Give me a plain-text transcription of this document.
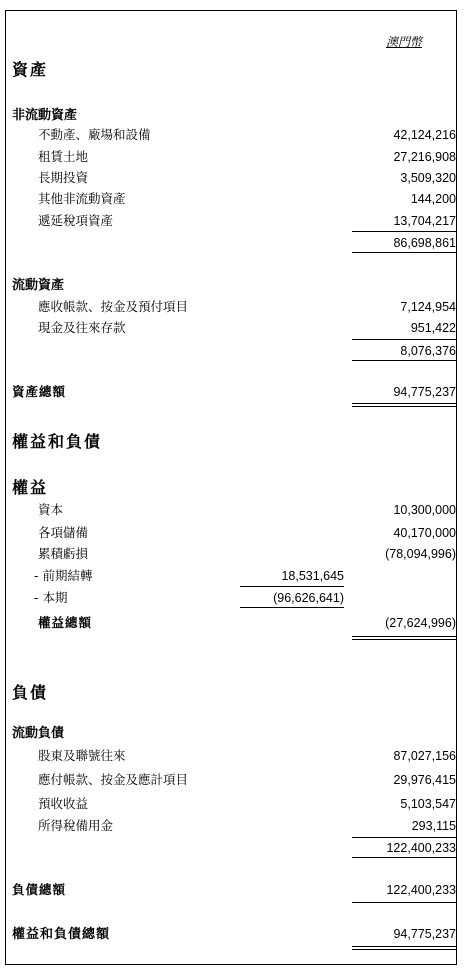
澳門幣
資產
非流動資產
不動產、廠場和設備	42,124,216
租賃土地	27,216,908
長期投資	3,509,320
其他非流動資產	144,200
遞延稅項資產	13,704,217
86,698,861
流動資產
應收帳款、按金及預付項目	7,124,954
現金及往來存款	951,422
8,076,376
資產總額	94,775,237
權益和負債
權益
資本	10,300,000
各項儲備	40,170,000
累積虧損	(78,094,996)
- 前期結轉	18,531,645
- 本期	(96,626,641)
權益總額	(27,624,996)
負債
流動負債
股東及聯號往來	87,027,156
應付帳款、按金及應計項目	29,976,415
預收收益	5,103,547
所得稅備用金	293,115
122,400,233
負債總額	122,400,233
權益和負債總額	94,775,237
